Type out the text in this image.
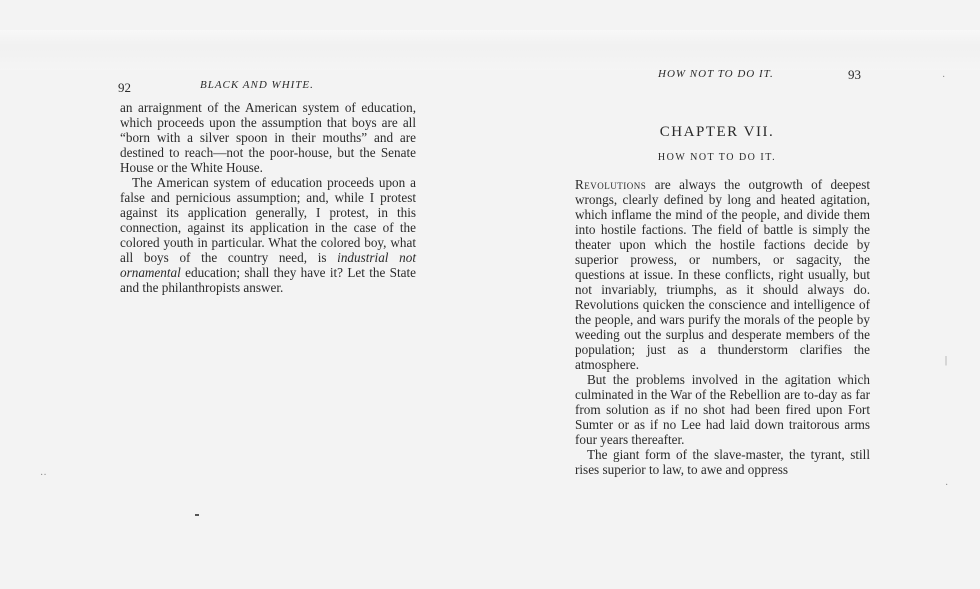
92	BLACK AND WHITE.

an arraignment of the American system of education, which proceeds upon the assumption that boys are all “born with a silver spoon in their mouths” and are destined to reach—not the poor-house, but the Senate House or the White House.

The American system of education proceeds upon a false and pernicious assumption; and, while I protest against its application generally, I protest, in this connection, against its application in the case of the colored youth in particular. What the colored boy, what all boys of the country need, is industrial not ornamental education; shall they have it? Let the State and the philanthropists answer.

··
HOW NOT TO DO IT.	93
CHAPTER VII.
HOW NOT TO DO IT.

Revolutions are always the outgrowth of deepest wrongs, clearly defined by long and heated agitation, which inflame the mind of the people, and divide them into hostile factions. The field of battle is simply the theater upon which the hostile factions decide by superior prowess, or numbers, or sagacity, the questions at issue. In these conflicts, right usually, but not invariably, triumphs, as it should always do. Revolutions quicken the conscience and intelligence of the people, and wars purify the morals of the people by weeding out the surplus and desperate members of the population; just as a thunderstorm clarifies the atmosphere.

But the problems involved in the agitation which culminated in the War of the Rebellion are to-day as far from solution as if no shot had been fired upon Fort Sumter or as if no Lee had laid down traitorous arms four years thereafter.

The giant form of the slave-master, the tyrant, still rises superior to law, to awe and oppress

·
|
·
